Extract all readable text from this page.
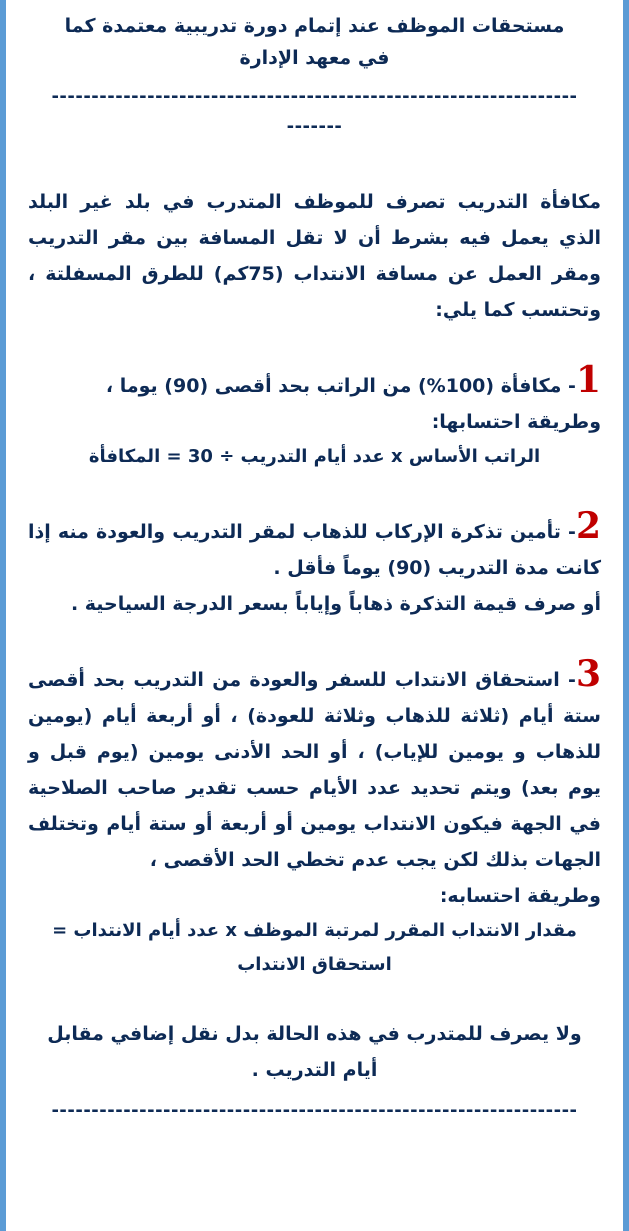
مستحقات الموظف عند إتمام دورة تدريبية معتمدة كما
في معهد الإدارة
------------------------------------------------------------------
-------
مكافأة التدريب تصرف للموظف المتدرب في بلد غير البلد الذي يعمل فيه بشرط أن لا تقل المسافة بين مقر التدريب ومقر العمل عن مسافة الانتداب (75كم) للطرق المسفلتة ، وتحتسب كما يلي:
1- مكافأة (100%) من الراتب بحد أقصى (90) يوما ،
وطريقة احتسابها:
الراتب الأساس x عدد أيام التدريب ÷ 30 = المكافأة
2- تأمين تذكرة الإركاب للذهاب لمقر التدريب والعودة منه إذا كانت مدة التدريب (90) يوماً فأقل .
أو صرف قيمة التذكرة ذهاباً وإياباً بسعر الدرجة السياحية .
3- استحقاق الانتداب للسفر والعودة من التدريب بحد أقصى ستة أيام (ثلاثة للذهاب وثلاثة للعودة) ، أو أربعة أيام (يومين للذهاب و يومين للإياب) ، أو الحد الأدنى يومين (يوم قبل و يوم بعد) ويتم تحديد عدد الأيام حسب تقدير صاحب الصلاحية في الجهة فيكون الانتداب يومين أو أربعة أو ستة أيام وتختلف الجهات بذلك لكن يجب عدم تخطي الحد الأقصى ،
وطريقة احتسابه:
مقدار الانتداب المقرر لمرتبة الموظف x عدد أيام الانتداب = استحقاق الانتداب
ولا يصرف للمتدرب في هذه الحالة بدل نقل إضافي مقابل أيام التدريب .
------------------------------------------------------------------
